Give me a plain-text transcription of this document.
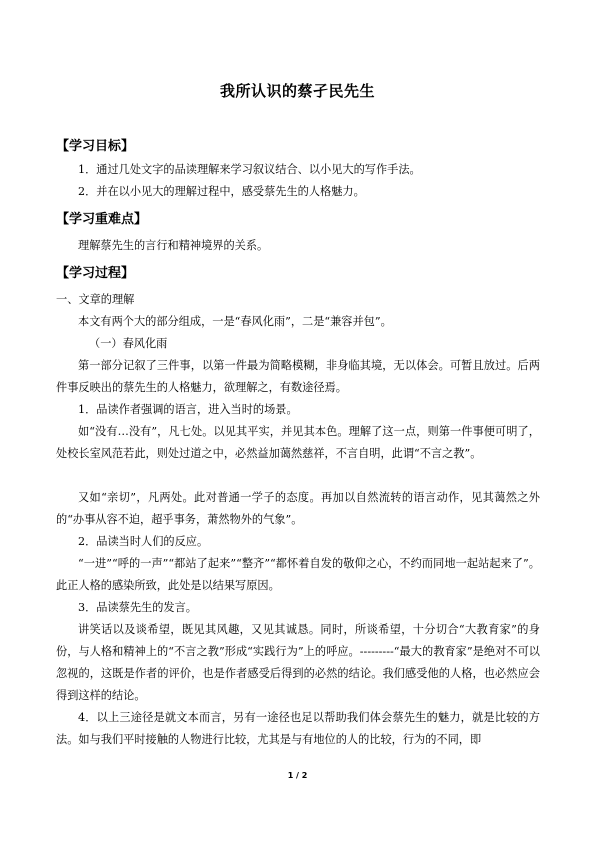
我所认识的蔡孑民先生
【学习目标】
1．通过几处文字的品读理解来学习叙议结合、以小见大的写作手法。
2．并在以小见大的理解过程中，感受蔡先生的人格魅力。
【学习重难点】
理解蔡先生的言行和精神境界的关系。
【学习过程】
一、文章的理解
本文有两个大的部分组成，一是“春风化雨”，二是“兼容并包”。
（一）春风化雨

第一部分记叙了三件事，以第一件最为简略模糊，非身临其境，无以体会。可暂且放过。后两件事反映出的蔡先生的人格魅力，欲理解之，有数途径焉。

1．品读作者强调的语言，进入当时的场景。

如“没有…没有”，凡七处。以见其平实，并见其本色。理解了这一点，则第一件事便可明了，处校长室风范若此，则处过道之中，必然益加蔼然慈祥，不言自明，此谓“不言之教”。

又如“亲切”，凡两处。此对普通一学子的态度。再加以自然流转的语言动作，见其蔼然之外的“办事从容不迫，超乎事务，萧然物外的气象”。

2．品读当时人们的反应。

“一进”“呼的一声”“都站了起来”“整齐”“都怀着自发的敬仰之心，不约而同地一起站起来了”。此正人格的感染所致，此处是以结果写原因。

3．品读蔡先生的发言。

讲笑话以及谈希望，既见其风趣，又见其诚恳。同时，所谈希望，十分切合“大教育家”的身份，与人格和精神上的“不言之教”形成“实践行为”上的呼应。---------“最大的教育家”是绝对不可以忽视的，这既是作者的评价，也是作者感受后得到的必然的结论。我们感受他的人格，也必然应会得到这样的结论。

4．以上三途径是就文本而言，另有一途径也足以帮助我们体会蔡先生的魅力，就是比较的方法。如与我们平时接触的人物进行比较，尤其是与有地位的人的比较，行为的不同，即

1 / 2
